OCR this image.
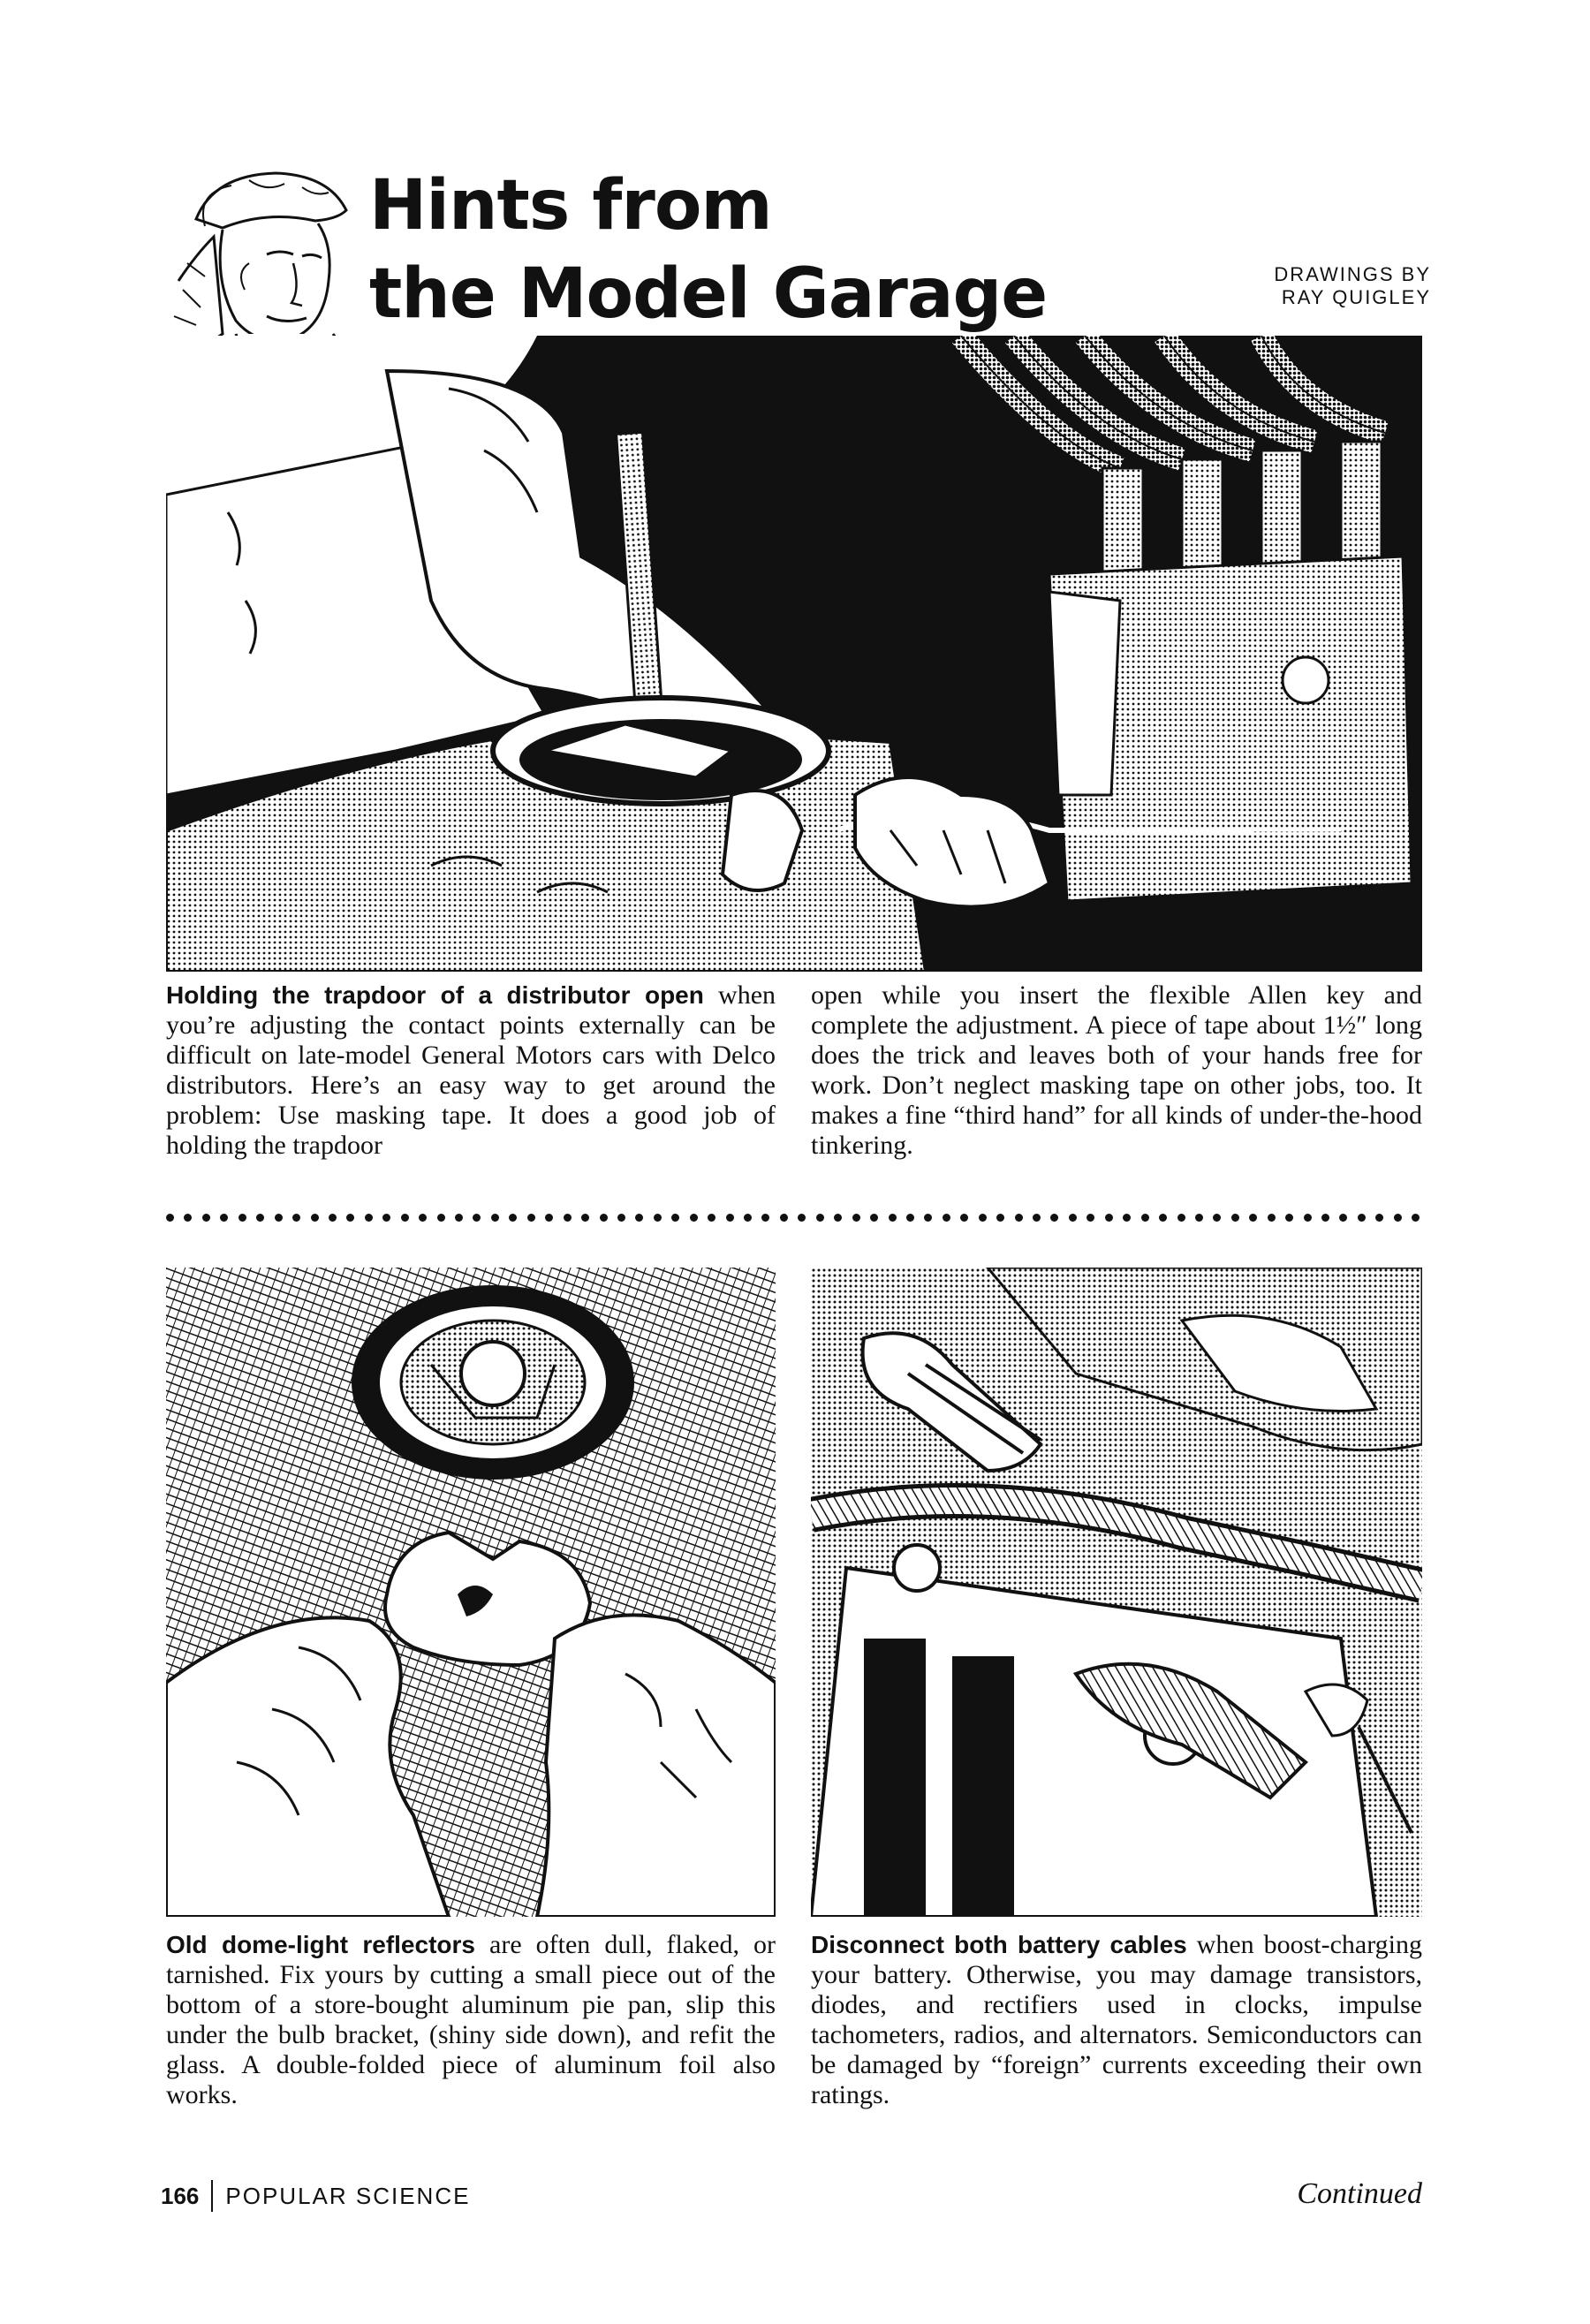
Hints from
the Model Garage	DRAWINGS BY
RAY QUIGLEY

Holding the trapdoor of a distributor open when you’re adjusting the contact points externally can be difficult on late-model General Motors cars with Delco distributors. Here’s an easy way to get around the problem: Use masking tape. It does a good job of holding the trapdoor

open while you insert the flexible Allen key and complete the adjustment. A piece of tape about 1½″ long does the trick and leaves both of your hands free for work. Don’t neglect masking tape on other jobs, too. It makes a fine “third hand” for all kinds of under-the-hood tinkering.

Old dome-light reflectors are often dull, flaked, or tarnished. Fix yours by cutting a small piece out of the bottom of a store-bought aluminum pie pan, slip this under the bulb bracket, (shiny side down), and refit the glass. A double-folded piece of aluminum foil also works.

Disconnect both battery cables when boost-charging your battery. Otherwise, you may damage transistors, diodes, and rectifiers used in clocks, impulse tachometers, radios, and alternators. Semiconductors can be damaged by “foreign” currents exceeding their own ratings.

166 POPULAR SCIENCE	Continued
